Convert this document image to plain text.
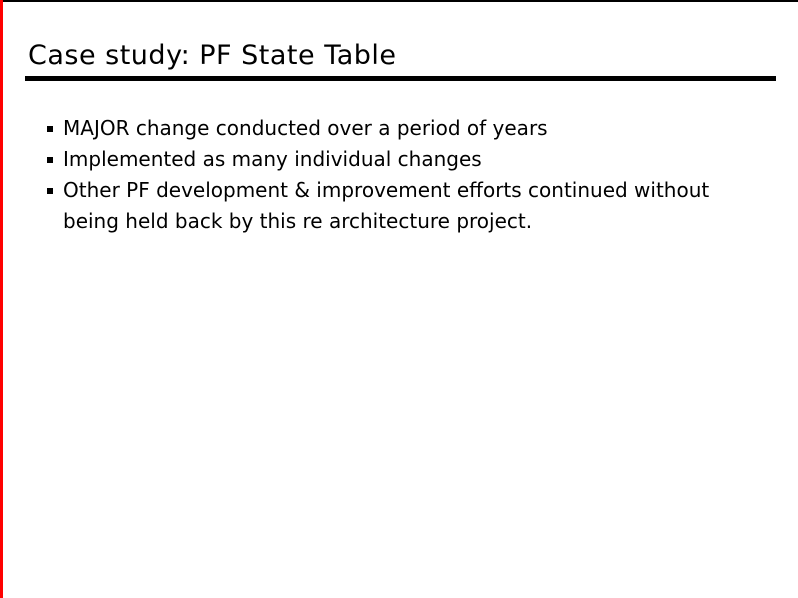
Case study: PF State Table
MAJOR change conducted over a period of years
Implemented as many individual changes
Other PF development & improvement efforts continued without
being held back by this re architecture project.
